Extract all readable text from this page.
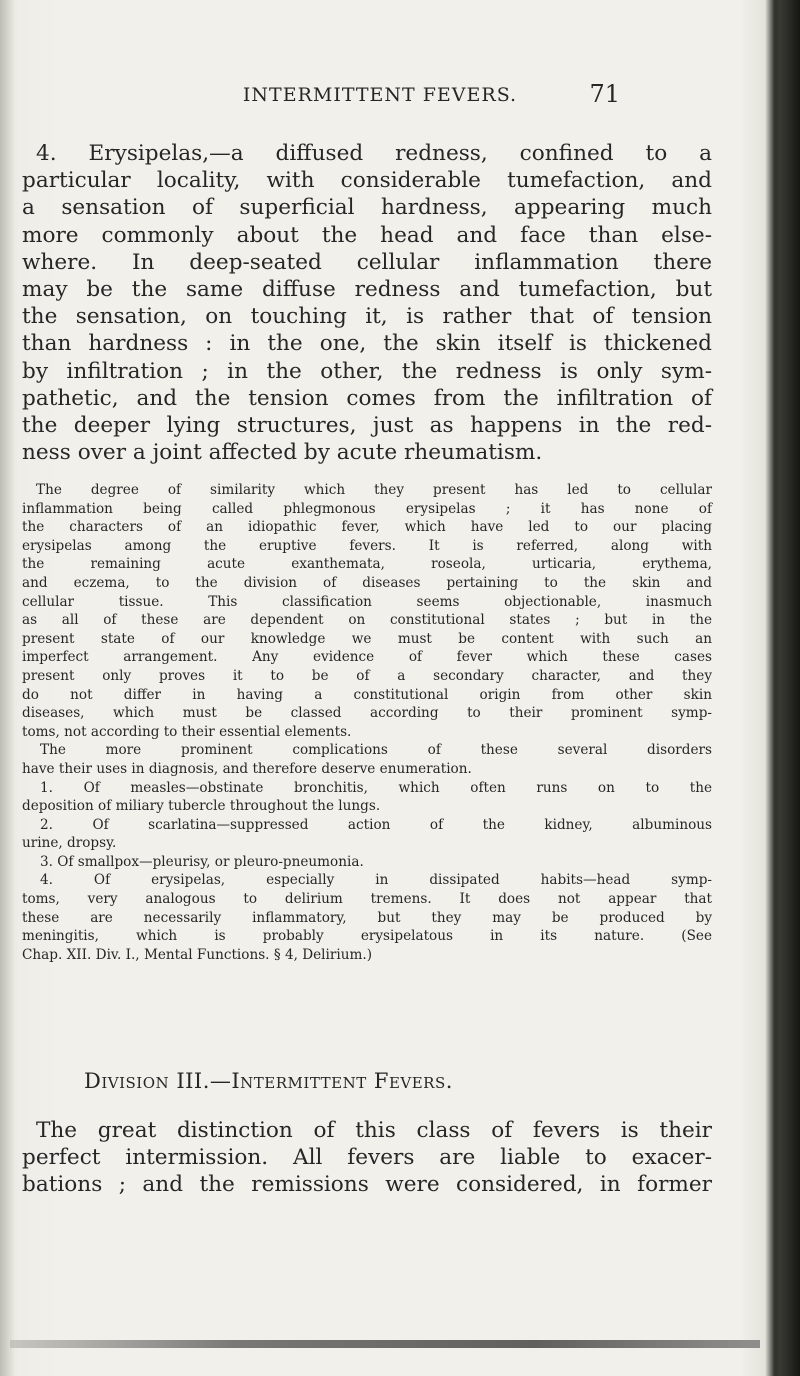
INTERMITTENT FEVERS.	71
4. Erysipelas,—a diffused redness, confined to a
particular locality, with considerable tumefaction, and
a sensation of superficial hardness, appearing much
more commonly about the head and face than else-
where. In deep-seated cellular inflammation there
may be the same diffuse redness and tumefaction, but
the sensation, on touching it, is rather that of tension
than hardness : in the one, the skin itself is thickened
by infiltration ; in the other, the redness is only sym-
pathetic, and the tension comes from the infiltration of
the deeper lying structures, just as happens in the red-
ness over a joint affected by acute rheumatism.
The degree of similarity which they present has led to cellular
inflammation being called phlegmonous erysipelas ; it has none of
the characters of an idiopathic fever, which have led to our placing
erysipelas among the eruptive fevers. It is referred, along with
the remaining acute exanthemata, roseola, urticaria, erythema,
and eczema, to the division of diseases pertaining to the skin and
cellular tissue. This classification seems objectionable, inasmuch
as all of these are dependent on constitutional states ; but in the
present state of our knowledge we must be content with such an
imperfect arrangement. Any evidence of fever which these cases
present only proves it to be of a secondary character, and they
do not differ in having a constitutional origin from other skin
diseases, which must be classed according to their prominent symp-
toms, not according to their essential elements.
The more prominent complications of these several disorders
have their uses in diagnosis, and therefore deserve enumeration.
1. Of measles—obstinate bronchitis, which often runs on to the
deposition of miliary tubercle throughout the lungs.
2. Of scarlatina—suppressed action of the kidney, albuminous
urine, dropsy.
3. Of smallpox—pleurisy, or pleuro-pneumonia.
4. Of erysipelas, especially in dissipated habits—head symp-
toms, very analogous to delirium tremens. It does not appear that
these are necessarily inflammatory, but they may be produced by
meningitis, which is probably erysipelatous in its nature. (See
Chap. XII. Div. I., Mental Functions. § 4, Delirium.)
Division III.—Intermittent Fevers.
The great distinction of this class of fevers is their
perfect intermission. All fevers are liable to exacer-
bations ; and the remissions were considered, in former
